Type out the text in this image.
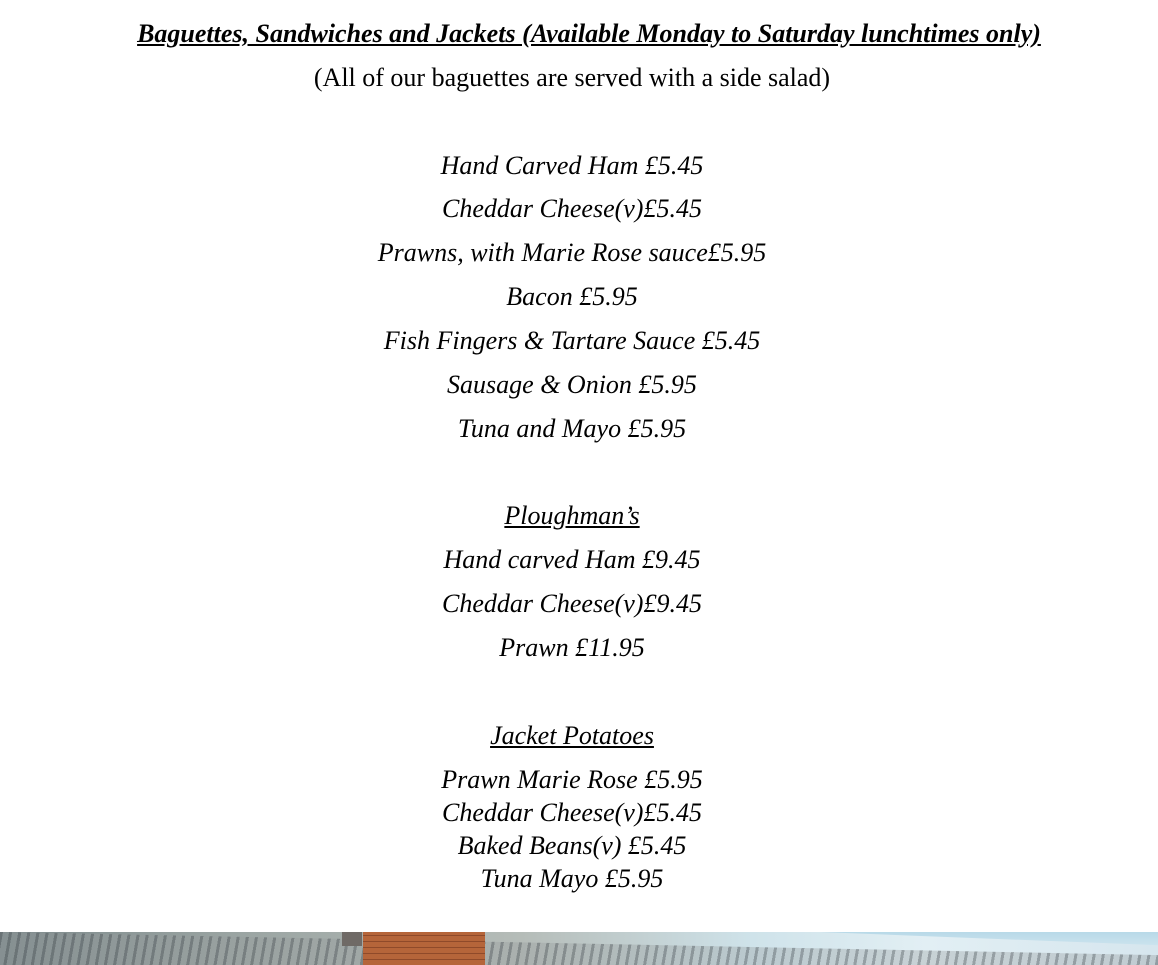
Baguettes, Sandwiches and Jackets (Available Monday to Saturday lunchtimes only)
(All of our baguettes are served with a side salad)
Hand Carved Ham £5.45
Cheddar Cheese(v)£5.45
Prawns, with Marie Rose sauce£5.95
Bacon £5.95
Fish Fingers & Tartare Sauce £5.45
Sausage & Onion £5.95
Tuna and Mayo £5.95
Ploughman’s
Hand carved Ham £9.45
Cheddar Cheese(v)£9.45
Prawn £11.95
Jacket Potatoes
Prawn Marie Rose £5.95
Cheddar Cheese(v)£5.45
Baked Beans(v) £5.45
Tuna Mayo £5.95
